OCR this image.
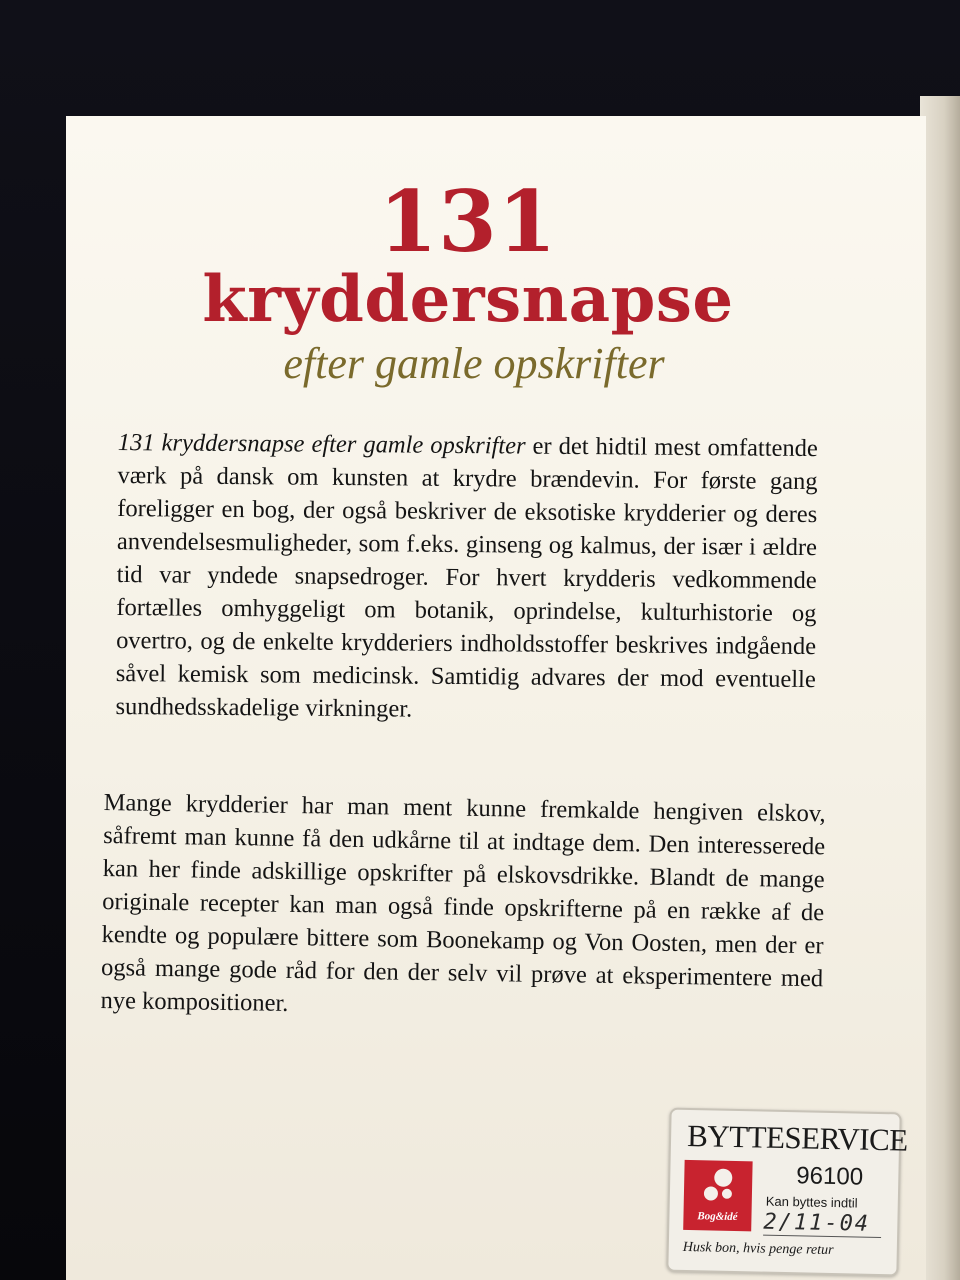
131
kryddersnapse
efter gamle opskrifter

131 kryddersnapse efter gamle opskrifter er det hidtil mest omfattende værk på dansk om kunsten at krydre brændevin. For første gang foreligger en bog, der også beskriver de eksotiske krydderier og deres anvendelsesmuligheder, som f.eks. ginseng og kalmus, der især i ældre tid var yndede snapsedroger. For hvert krydderis vedkommende fortælles omhyggeligt om botanik, oprindelse, kulturhistorie og overtro, og de enkelte krydderiers indholdsstoffer beskrives indgående såvel kemisk som medicinsk. Samtidig advares der mod eventuelle sundhedsskadelige virkninger.

Mange krydderier har man ment kunne fremkalde hengiven elskov, såfremt man kunne få den udkårne til at indtage dem. Den interesserede kan her finde adskillige opskrifter på elskovsdrikke. Blandt de mange originale recepter kan man også finde opskrifterne på en række af de kendte og populære bittere som Boonekamp og Von Oosten, men der er også mange gode råd for den der selv vil prøve at eksperimentere med nye kompositioner.

BYTTESERVICE
Bog&idé
96100
Kan byttes indtil
2/11-04
Husk bon, hvis penge retur
